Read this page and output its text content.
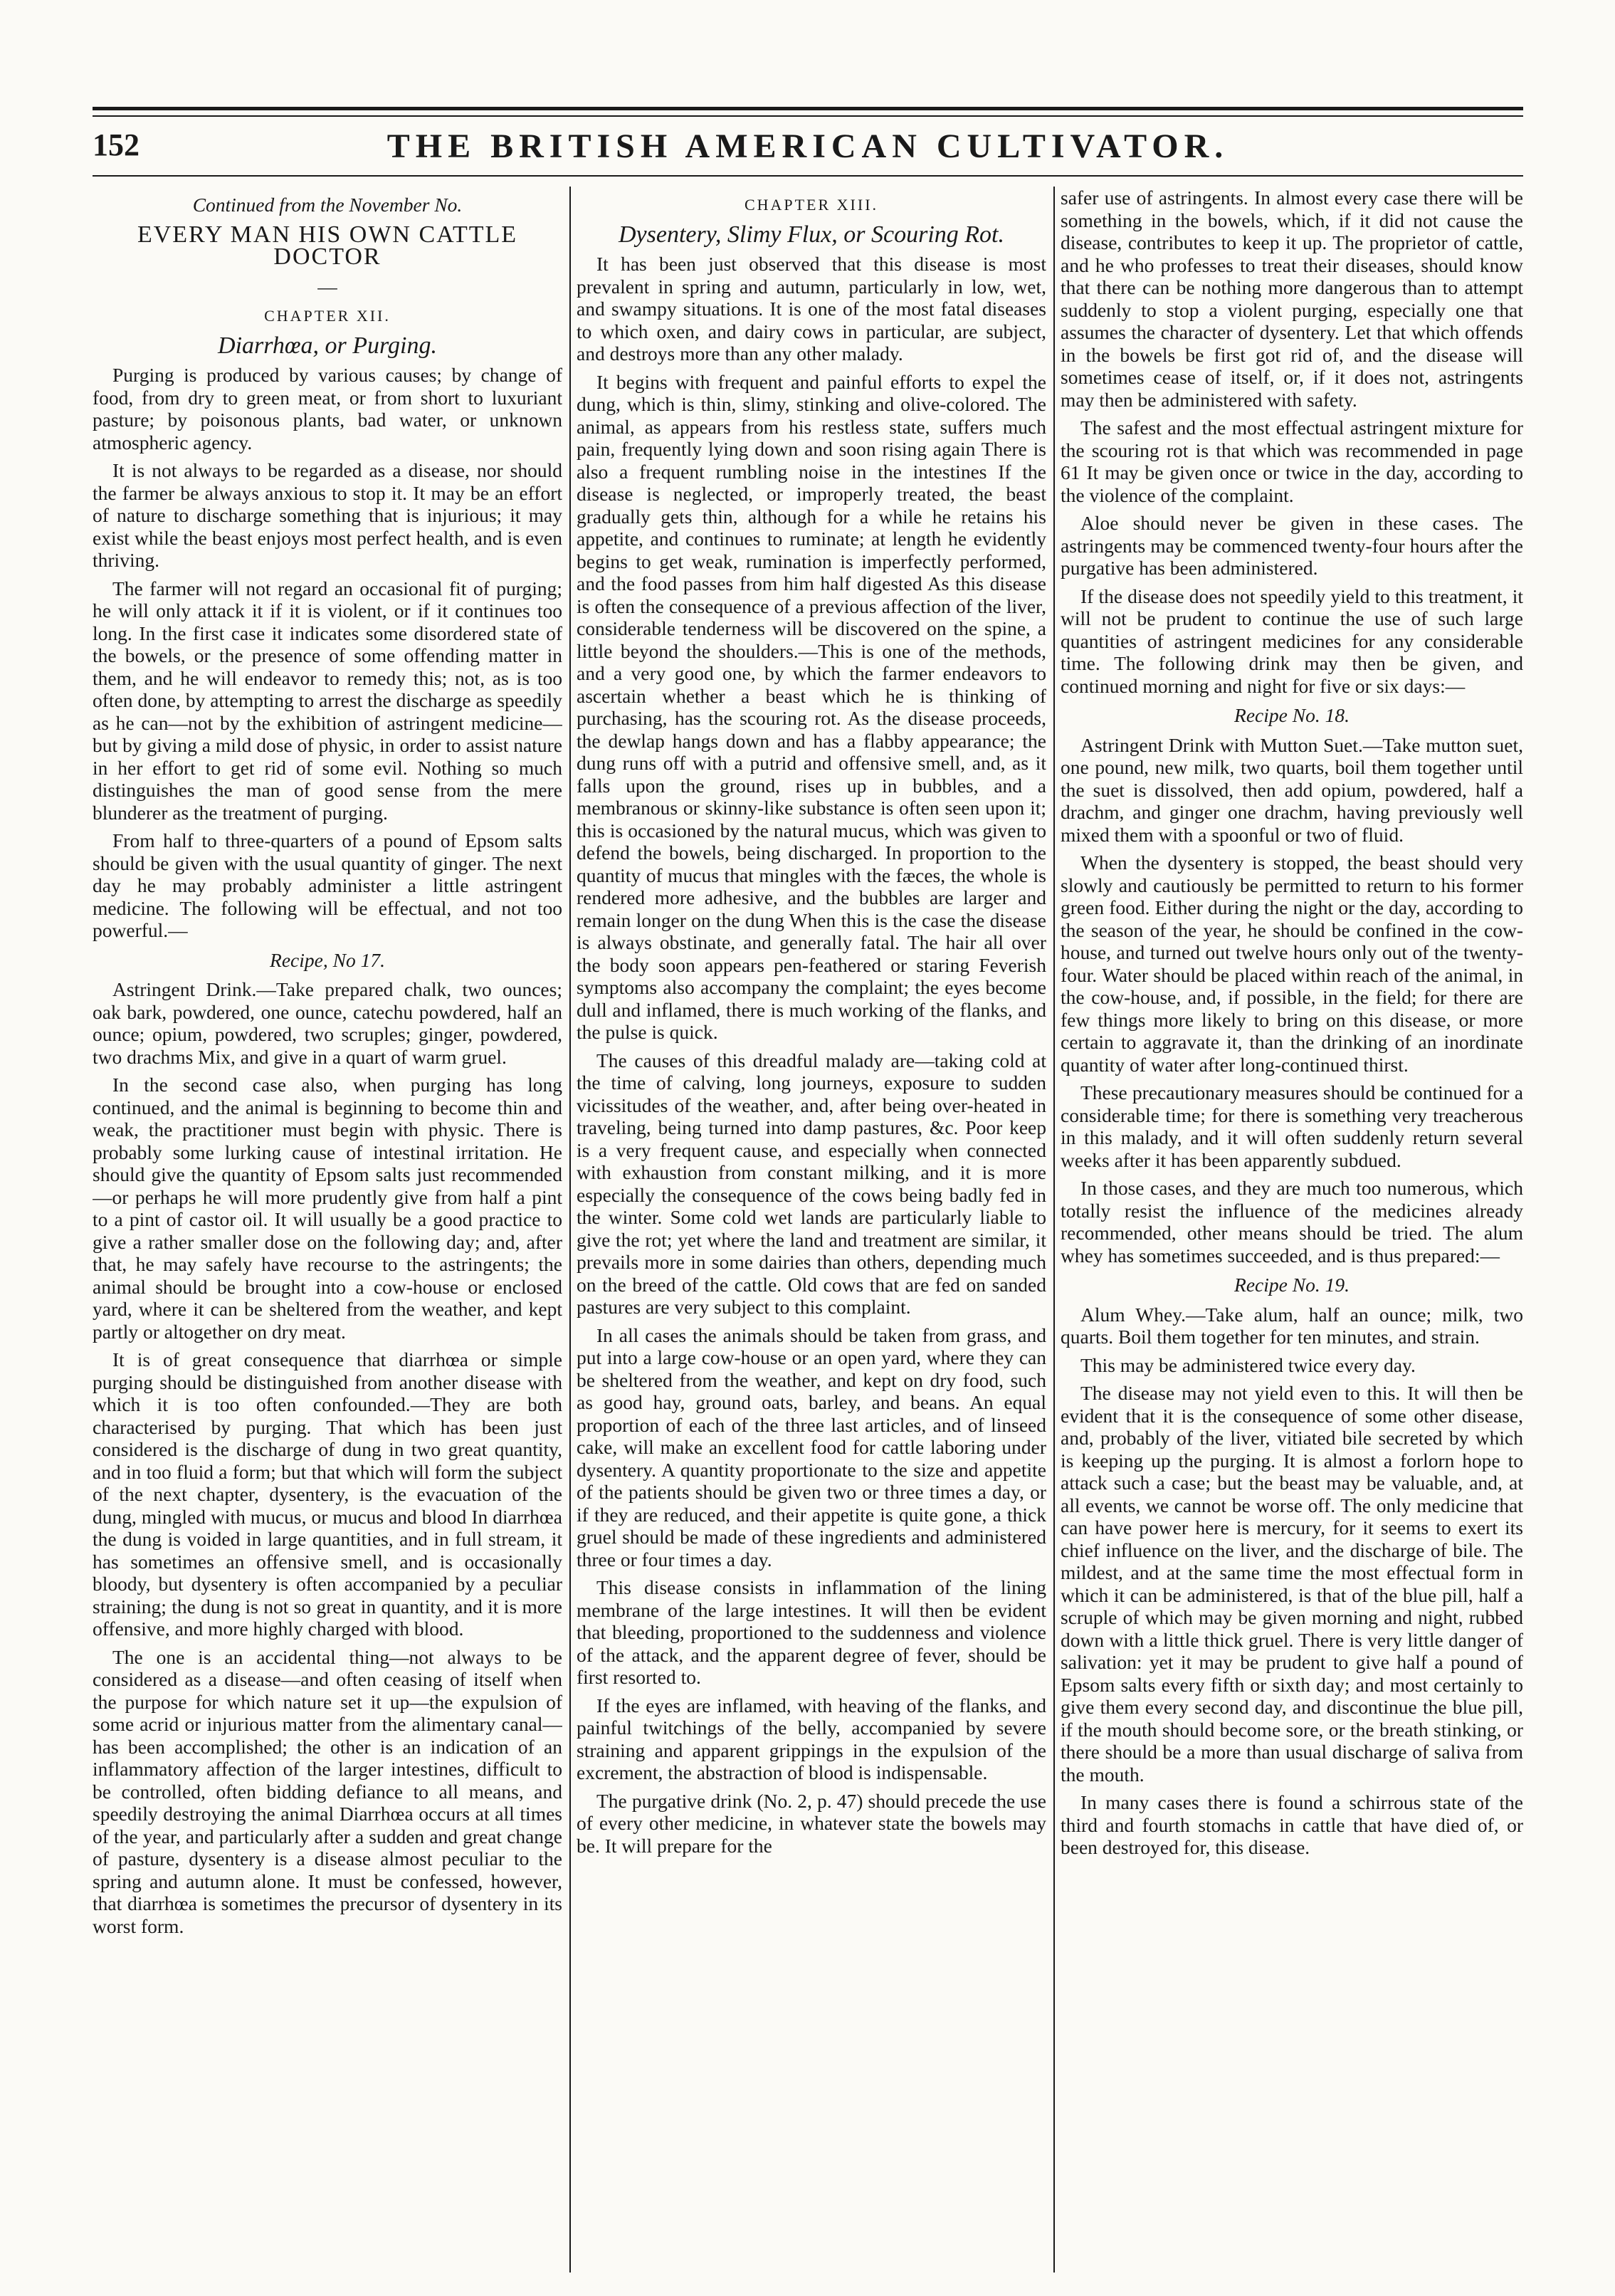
152	THE BRITISH AMERICAN CULTIVATOR.

Continued from the November No.

EVERY MAN HIS OWN CATTLE DOCTOR

—

CHAPTER XII.

Diarrhœa, or Purging.

Purging is produced by various causes; by change of food, from dry to green meat, or from short to luxuriant pasture; by poisonous plants, bad water, or unknown atmospheric agency.

It is not always to be regarded as a disease, nor should the farmer be always anxious to stop it. It may be an effort of nature to discharge something that is injurious; it may exist while the beast enjoys most perfect health, and is even thriving.

The farmer will not regard an occasional fit of purging; he will only attack it if it is violent, or if it continues too long. In the first case it indicates some disordered state of the bowels, or the presence of some offending matter in them, and he will endeavor to remedy this; not, as is too often done, by attempting to arrest the discharge as speedily as he can—not by the exhibition of astringent medicine—but by giving a mild dose of physic, in order to assist nature in her effort to get rid of some evil. Nothing so much distinguishes the man of good sense from the mere blunderer as the treatment of purging.

From half to three-quarters of a pound of Epsom salts should be given with the usual quantity of ginger. The next day he may probably administer a little astringent medicine. The following will be effectual, and not too powerful.—

Recipe, No 17.

Astringent Drink.—Take prepared chalk, two ounces; oak bark, powdered, one ounce, catechu powdered, half an ounce; opium, powdered, two scruples; ginger, powdered, two drachms Mix, and give in a quart of warm gruel.

In the second case also, when purging has long continued, and the animal is beginning to become thin and weak, the practitioner must begin with physic. There is probably some lurking cause of intestinal irritation. He should give the quantity of Epsom salts just recommended—or perhaps he will more prudently give from half a pint to a pint of castor oil. It will usually be a good practice to give a rather smaller dose on the following day; and, after that, he may safely have recourse to the astringents; the animal should be brought into a cow-house or enclosed yard, where it can be sheltered from the weather, and kept partly or altogether on dry meat.

It is of great consequence that diarrhœa or simple purging should be distinguished from another disease with which it is too often confounded.—They are both characterised by purging. That which has been just considered is the discharge of dung in two great quantity, and in too fluid a form; but that which will form the subject of the next chapter, dysentery, is the evacuation of the dung, mingled with mucus, or mucus and blood In diarrhœa the dung is voided in large quantities, and in full stream, it has sometimes an offensive smell, and is occasionally bloody, but dysentery is often accompanied by a peculiar straining; the dung is not so great in quantity, and it is more offensive, and more highly charged with blood.

The one is an accidental thing—not always to be considered as a disease—and often ceasing of itself when the purpose for which nature set it up—the expulsion of some acrid or injurious matter from the alimentary canal—has been accomplished; the other is an indication of an inflammatory affection of the larger intestines, difficult to be controlled, often bidding defiance to all means, and speedily destroying the animal Diarrhœa occurs at all times of the year, and particularly after a sudden and great change of pasture, dysentery is a disease almost peculiar to the spring and autumn alone. It must be confessed, however, that diarrhœa is sometimes the precursor of dysentery in its worst form.

CHAPTER XIII.

Dysentery, Slimy Flux, or Scouring Rot.

It has been just observed that this disease is most prevalent in spring and autumn, particularly in low, wet, and swampy situations. It is one of the most fatal diseases to which oxen, and dairy cows in particular, are subject, and destroys more than any other malady.

It begins with frequent and painful efforts to expel the dung, which is thin, slimy, stinking and olive-colored. The animal, as appears from his restless state, suffers much pain, frequently lying down and soon rising again There is also a frequent rumbling noise in the intestines If the disease is neglected, or improperly treated, the beast gradually gets thin, although for a while he retains his appetite, and continues to ruminate; at length he evidently begins to get weak, rumination is imperfectly performed, and the food passes from him half digested As this disease is often the consequence of a previous affection of the liver, considerable tenderness will be discovered on the spine, a little beyond the shoulders.—This is one of the methods, and a very good one, by which the farmer endeavors to ascertain whether a beast which he is thinking of purchasing, has the scouring rot. As the disease proceeds, the dewlap hangs down and has a flabby appearance; the dung runs off with a putrid and offensive smell, and, as it falls upon the ground, rises up in bubbles, and a membranous or skinny-like substance is often seen upon it; this is occasioned by the natural mucus, which was given to defend the bowels, being discharged. In proportion to the quantity of mucus that mingles with the fæces, the whole is rendered more adhesive, and the bubbles are larger and remain longer on the dung When this is the case the disease is always obstinate, and generally fatal. The hair all over the body soon appears pen-feathered or staring Feverish symptoms also accompany the complaint; the eyes become dull and inflamed, there is much working of the flanks, and the pulse is quick.

The causes of this dreadful malady are—taking cold at the time of calving, long journeys, exposure to sudden vicissitudes of the weather, and, after being over-heated in traveling, being turned into damp pastures, &c. Poor keep is a very frequent cause, and especially when connected with exhaustion from constant milking, and it is more especially the consequence of the cows being badly fed in the winter. Some cold wet lands are particularly liable to give the rot; yet where the land and treatment are similar, it prevails more in some dairies than others, depending much on the breed of the cattle. Old cows that are fed on sanded pastures are very subject to this complaint.

In all cases the animals should be taken from grass, and put into a large cow-house or an open yard, where they can be sheltered from the weather, and kept on dry food, such as good hay, ground oats, barley, and beans. An equal proportion of each of the three last articles, and of linseed cake, will make an excellent food for cattle laboring under dysentery. A quantity proportionate to the size and appetite of the patients should be given two or three times a day, or if they are reduced, and their appetite is quite gone, a thick gruel should be made of these ingredients and administered three or four times a day.

This disease consists in inflammation of the lining membrane of the large intestines. It will then be evident that bleeding, proportioned to the suddenness and violence of the attack, and the apparent degree of fever, should be first resorted to.

If the eyes are inflamed, with heaving of the flanks, and painful twitchings of the belly, accompanied by severe straining and apparent grippings in the expulsion of the excrement, the abstraction of blood is indispensable.

The purgative drink (No. 2, p. 47) should precede the use of every other medicine, in whatever state the bowels may be. It will prepare for the

safer use of astringents. In almost every case there will be something in the bowels, which, if it did not cause the disease, contributes to keep it up. The proprietor of cattle, and he who professes to treat their diseases, should know that there can be nothing more dangerous than to attempt suddenly to stop a violent purging, especially one that assumes the character of dysentery. Let that which offends in the bowels be first got rid of, and the disease will sometimes cease of itself, or, if it does not, astringents may then be administered with safety.

The safest and the most effectual astringent mixture for the scouring rot is that which was recommended in page 61 It may be given once or twice in the day, according to the violence of the complaint.

Aloe should never be given in these cases. The astringents may be commenced twenty-four hours after the purgative has been administered.

If the disease does not speedily yield to this treatment, it will not be prudent to continue the use of such large quantities of astringent medicines for any considerable time. The following drink may then be given, and continued morning and night for five or six days:—

Recipe No. 18.

Astringent Drink with Mutton Suet.—Take mutton suet, one pound, new milk, two quarts, boil them together until the suet is dissolved, then add opium, powdered, half a drachm, and ginger one drachm, having previously well mixed them with a spoonful or two of fluid.

When the dysentery is stopped, the beast should very slowly and cautiously be permitted to return to his former green food. Either during the night or the day, according to the season of the year, he should be confined in the cow-house, and turned out twelve hours only out of the twenty-four. Water should be placed within reach of the animal, in the cow-house, and, if possible, in the field; for there are few things more likely to bring on this disease, or more certain to aggravate it, than the drinking of an inordinate quantity of water after long-continued thirst.

These precautionary measures should be continued for a considerable time; for there is something very treacherous in this malady, and it will often suddenly return several weeks after it has been apparently subdued.

In those cases, and they are much too numerous, which totally resist the influence of the medicines already recommended, other means should be tried. The alum whey has sometimes succeeded, and is thus prepared:—

Recipe No. 19.

Alum Whey.—Take alum, half an ounce; milk, two quarts. Boil them together for ten minutes, and strain.

This may be administered twice every day.

The disease may not yield even to this. It will then be evident that it is the consequence of some other disease, and, probably of the liver, vitiated bile secreted by which is keeping up the purging. It is almost a forlorn hope to attack such a case; but the beast may be valuable, and, at all events, we cannot be worse off. The only medicine that can have power here is mercury, for it seems to exert its chief influence on the liver, and the discharge of bile. The mildest, and at the same time the most effectual form in which it can be administered, is that of the blue pill, half a scruple of which may be given morning and night, rubbed down with a little thick gruel. There is very little danger of salivation: yet it may be prudent to give half a pound of Epsom salts every fifth or sixth day; and most certainly to give them every second day, and discontinue the blue pill, if the mouth should become sore, or the breath stinking, or there should be a more than usual discharge of saliva from the mouth.

In many cases there is found a schirrous state of the third and fourth stomachs in cattle that have died of, or been destroyed for, this disease.
